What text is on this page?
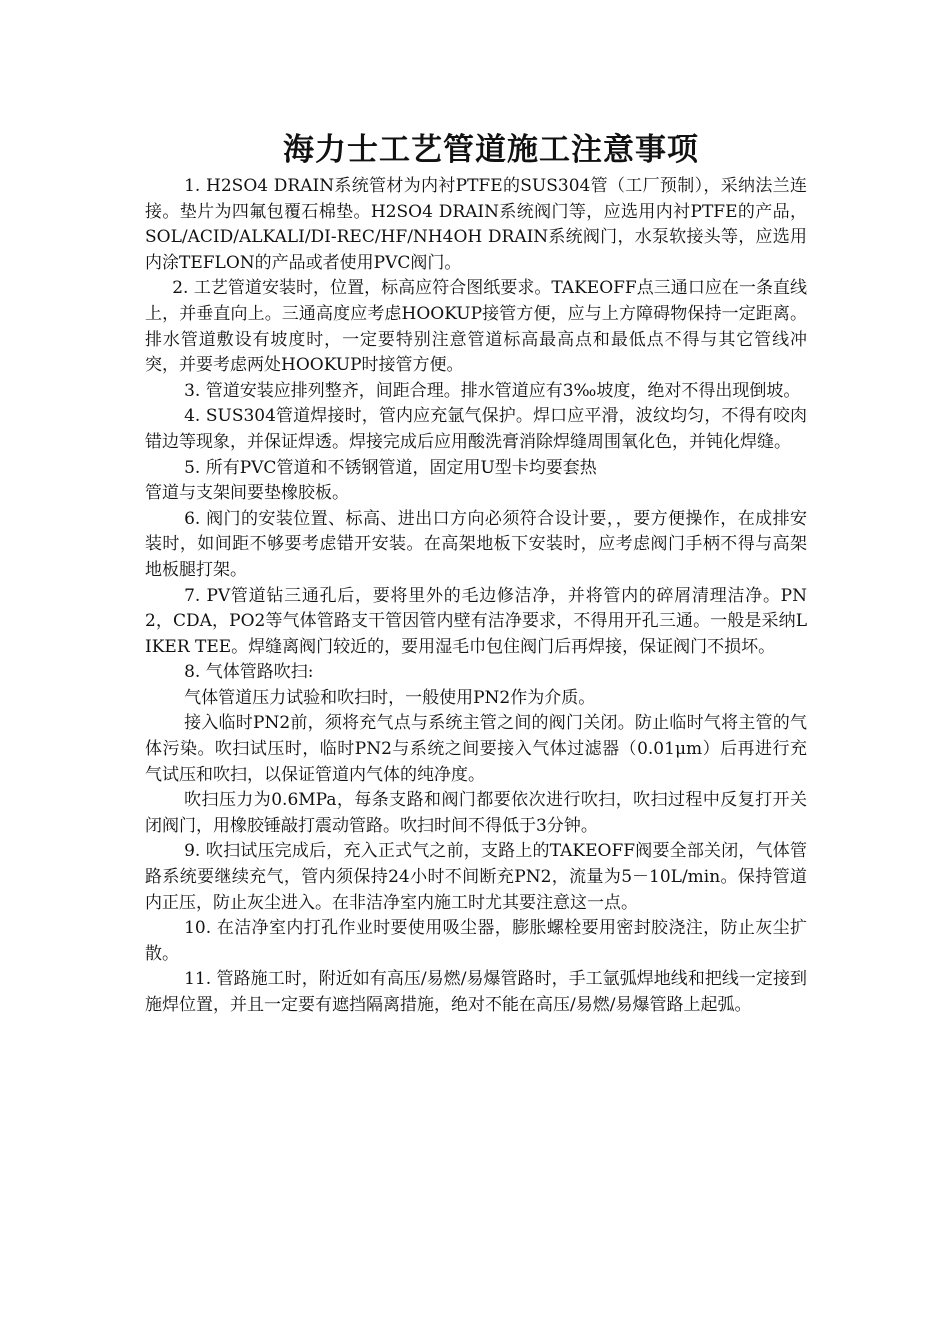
海力士工艺管道施工注意事项

1. H2SO4 DRAIN系统管材为内衬PTFE的SUS304管（工厂预制），采纳法兰连接。垫片为四氟包覆石棉垫。H2SO4 DRAIN系统阀门等，应选用内衬PTFE的产品，SOL/ACID/ALKALI/DI-REC/HF/NH4OH DRAIN系统阀门，水泵软接头等，应选用内涂TEFLON的产品或者使用PVC阀门。

2. 工艺管道安装时，位置，标高应符合图纸要求。TAKEOFF点三通口应在一条直线上，并垂直向上。三通高度应考虑HOOKUP接管方便，应与上方障碍物保持一定距离。排水管道敷设有坡度时，一定要特别注意管道标高最高点和最低点不得与其它管线冲突，并要考虑两处HOOKUP时接管方便。

3. 管道安装应排列整齐，间距合理。排水管道应有3‰坡度，绝对不得出现倒坡。

4. SUS304管道焊接时，管内应充氩气保护。焊口应平滑，波纹均匀，不得有咬肉错边等现象，并保证焊透。焊接完成后应用酸洗膏消除焊缝周围氧化色，并钝化焊缝。

5. 所有PVC管道和不锈钢管道，固定用U型卡均要套热

管道与支架间要垫橡胶板。

6. 阀门的安装位置、标高、进出口方向必须符合设计要，，要方便操作，在成排安装时，如间距不够要考虑错开安装。在高架地板下安装时，应考虑阀门手柄不得与高架地板腿打架。

7. PV管道钻三通孔后，要将里外的毛边修洁净，并将管内的碎屑清理洁净。PN2，CDA，PO2等气体管路支干管因管内壁有洁净要求，不得用开孔三通。一般是采纳LIKER TEE。焊缝离阀门较近的，要用湿毛巾包住阀门后再焊接，保证阀门不损坏。

8. 气体管路吹扫:

气体管道压力试验和吹扫时，一般使用PN2作为介质。

接入临时PN2前，须将充气点与系统主管之间的阀门关闭。防止临时气将主管的气体污染。吹扫试压时，临时PN2与系统之间要接入气体过滤器（0.01μm）后再进行充气试压和吹扫，以保证管道内气体的纯净度。

吹扫压力为0.6MPa，每条支路和阀门都要依次进行吹扫，吹扫过程中反复打开关闭阀门，用橡胶锤敲打震动管路。吹扫时间不得低于3分钟。

9. 吹扫试压完成后，充入正式气之前，支路上的TAKEOFF阀要全部关闭，气体管路系统要继续充气，管内须保持24小时不间断充PN2，流量为5－10L/min。保持管道内正压，防止灰尘进入。在非洁净室内施工时尤其要注意这一点。

10. 在洁净室内打孔作业时要使用吸尘器，膨胀螺栓要用密封胶浇注，防止灰尘扩散。

11. 管路施工时，附近如有高压/易燃/易爆管路时，手工氩弧焊地线和把线一定接到施焊位置，并且一定要有遮挡隔离措施，绝对不能在高压/易燃/易爆管路上起弧。
